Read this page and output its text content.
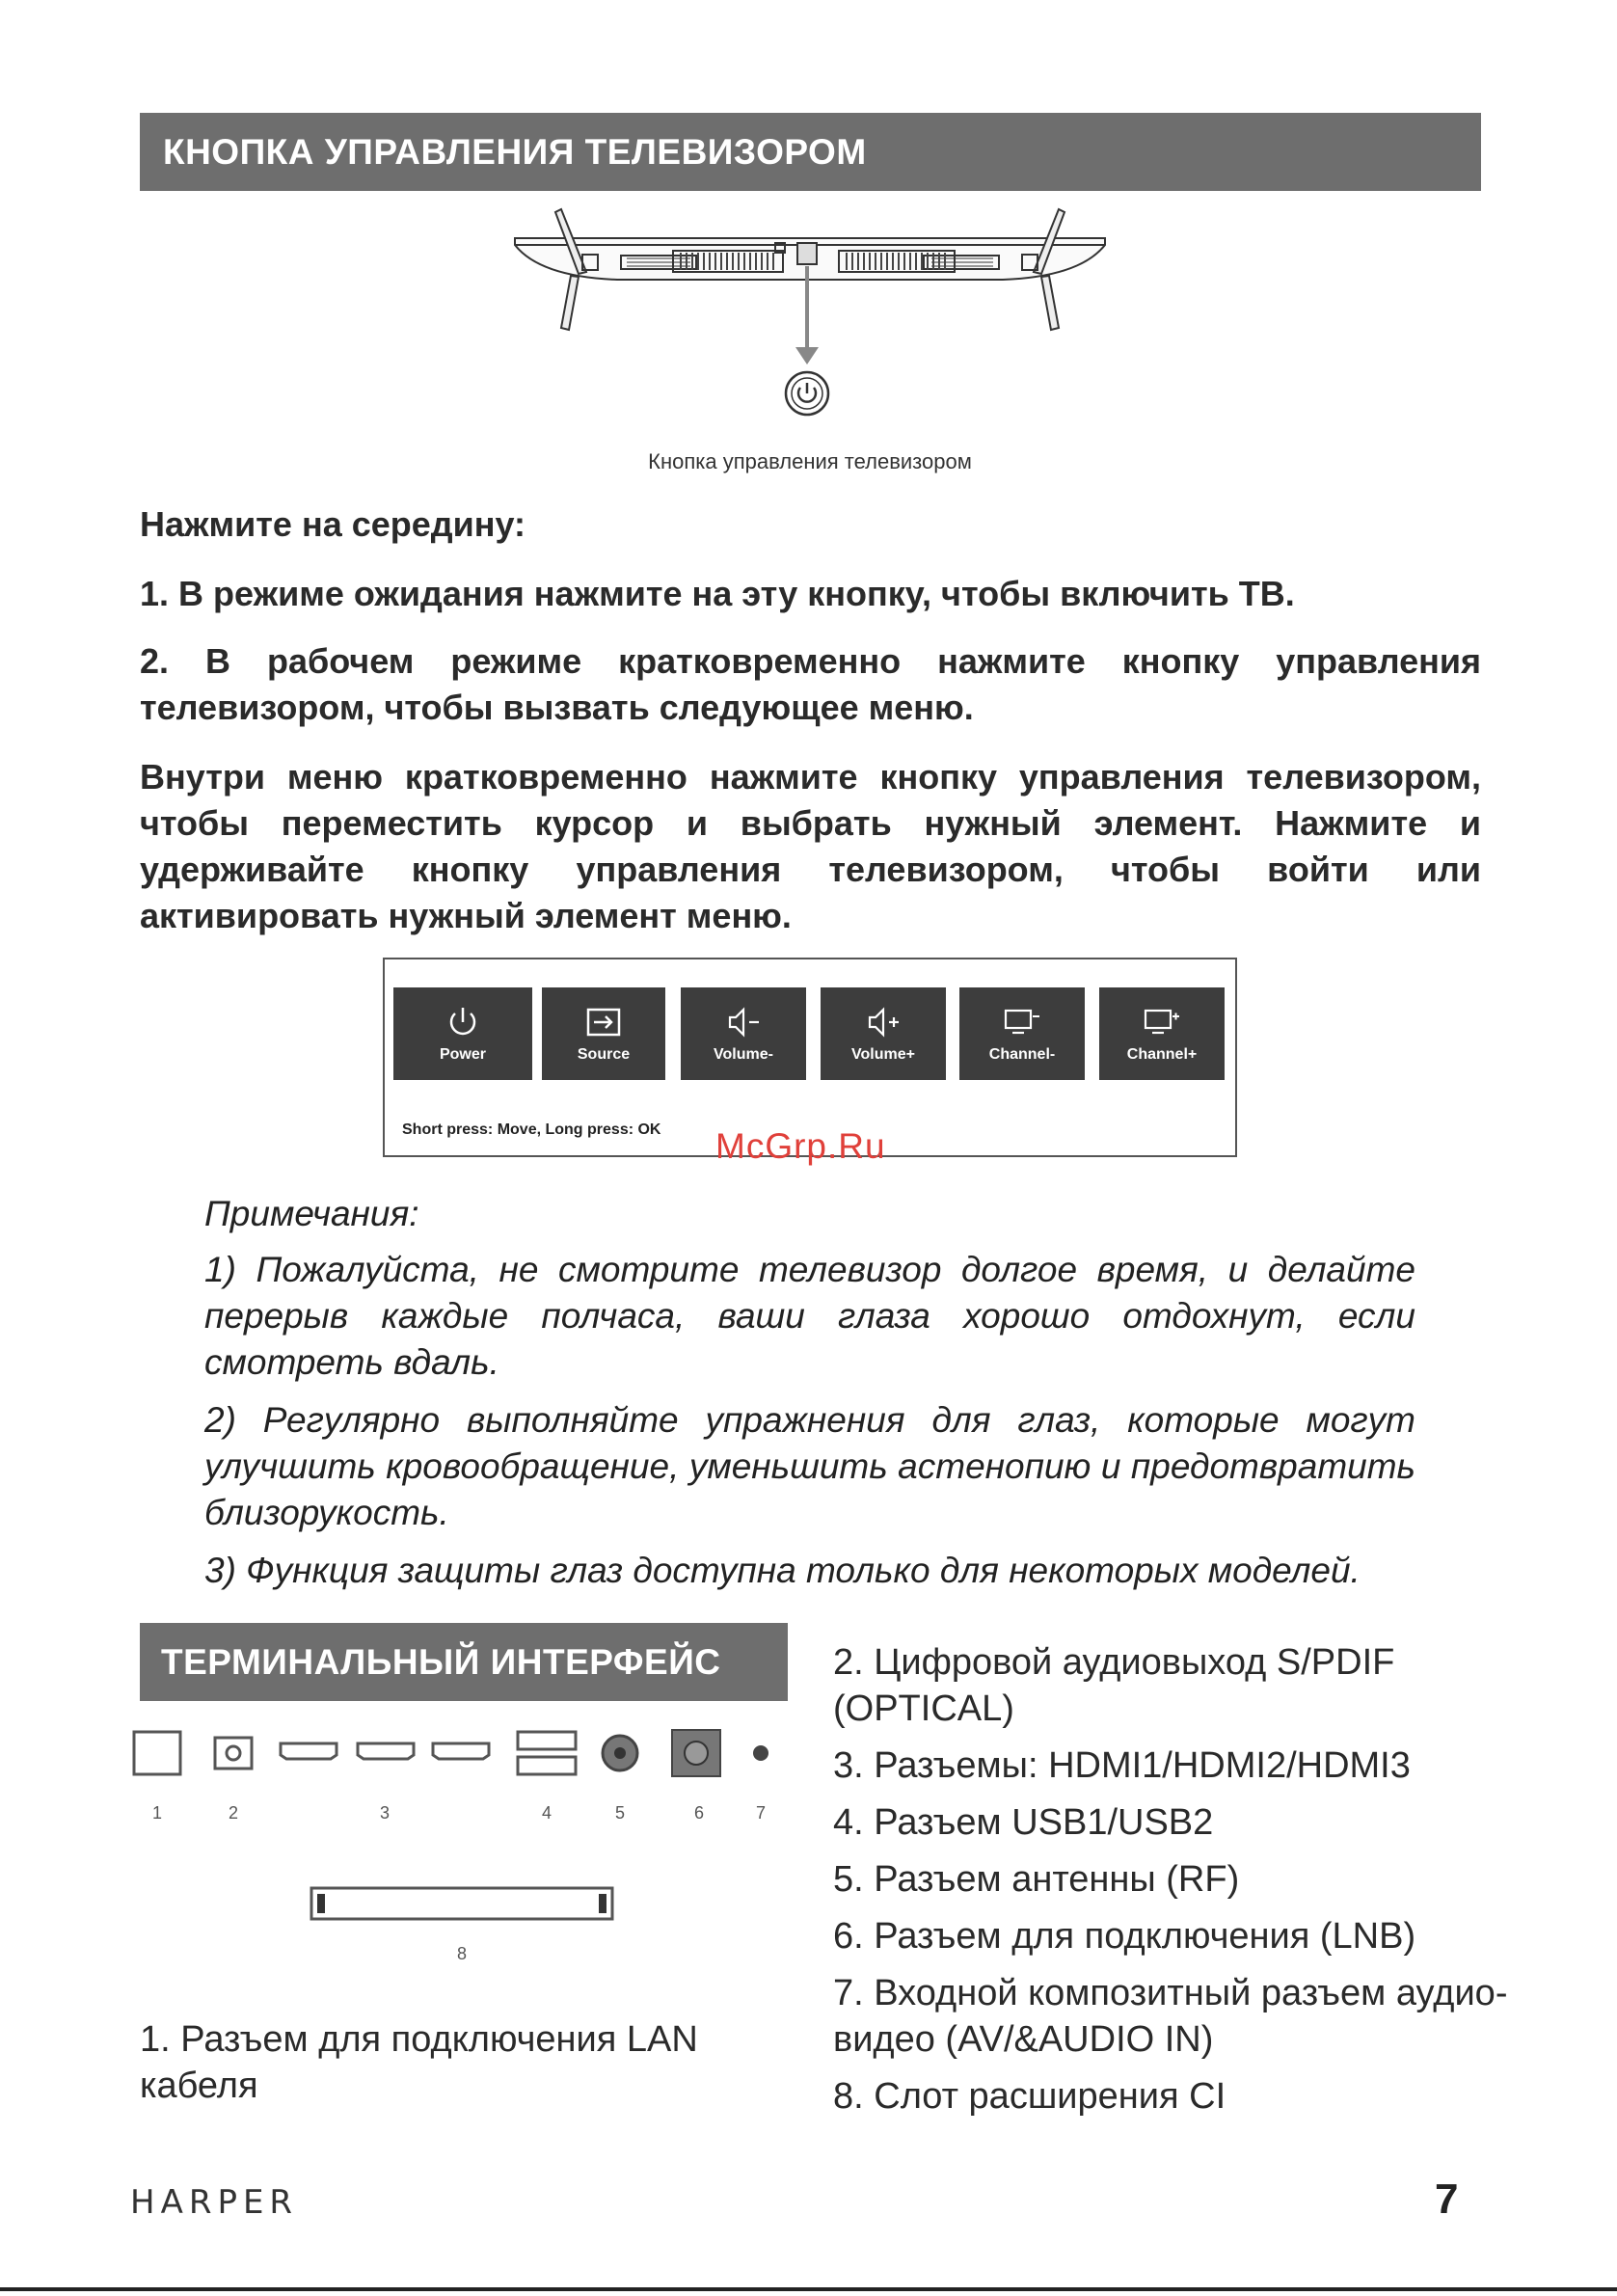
КНОПКА УПРАВЛЕНИЯ ТЕЛЕВИЗОРОМ
Кнопка управления телевизором
Нажмите на середину:
1. В режиме ожидания нажмите на эту кнопку, чтобы включить ТВ.
2. В рабочем режиме кратковременно нажмите кнопку управления телевизором, чтобы вызвать следующее меню.
Внутри меню кратковременно нажмите кнопку управления телевизором, чтобы переместить курсор и выбрать нужный элемент. Нажмите и удерживайте кнопку управления телевизором, чтобы войти или активировать нужный элемент меню.
Power	Source	Volume-	Volume+	Channel-	Channel+
Short press: Move, Long press: OK McGrp.Ru
Примечания:
1) Пожалуйста, не смотрите телевизор долгое время, и делайте перерыв каждые полчаса, ваши глаза хорошо отдохнут, если смотреть вдаль.
2) Регулярно выполняйте упражнения для глаз, которые могут улучшить кровообращение, уменьшить астенопию и предотвратить близорукость.
3) Функция защиты глаз доступна только для некоторых моделей.
ТЕРМИНАЛЬНЫЙ ИНТЕРФЕЙС
1	2	3	4	5	6	7
8
1. Разъем для подключения LAN кабеля
2. Цифровой аудиовыход S/PDIF (OPTICAL)
3. Разъемы: HDMI1/HDMI2/HDMI3
4. Разъем USB1/USB2
5. Разъем антенны (RF)
6. Разъем для подключения (LNB)
7. Входной композитный разъем аудио-видео (AV/&AUDIO IN)
8. Слот расширения CI
HARPER	7
